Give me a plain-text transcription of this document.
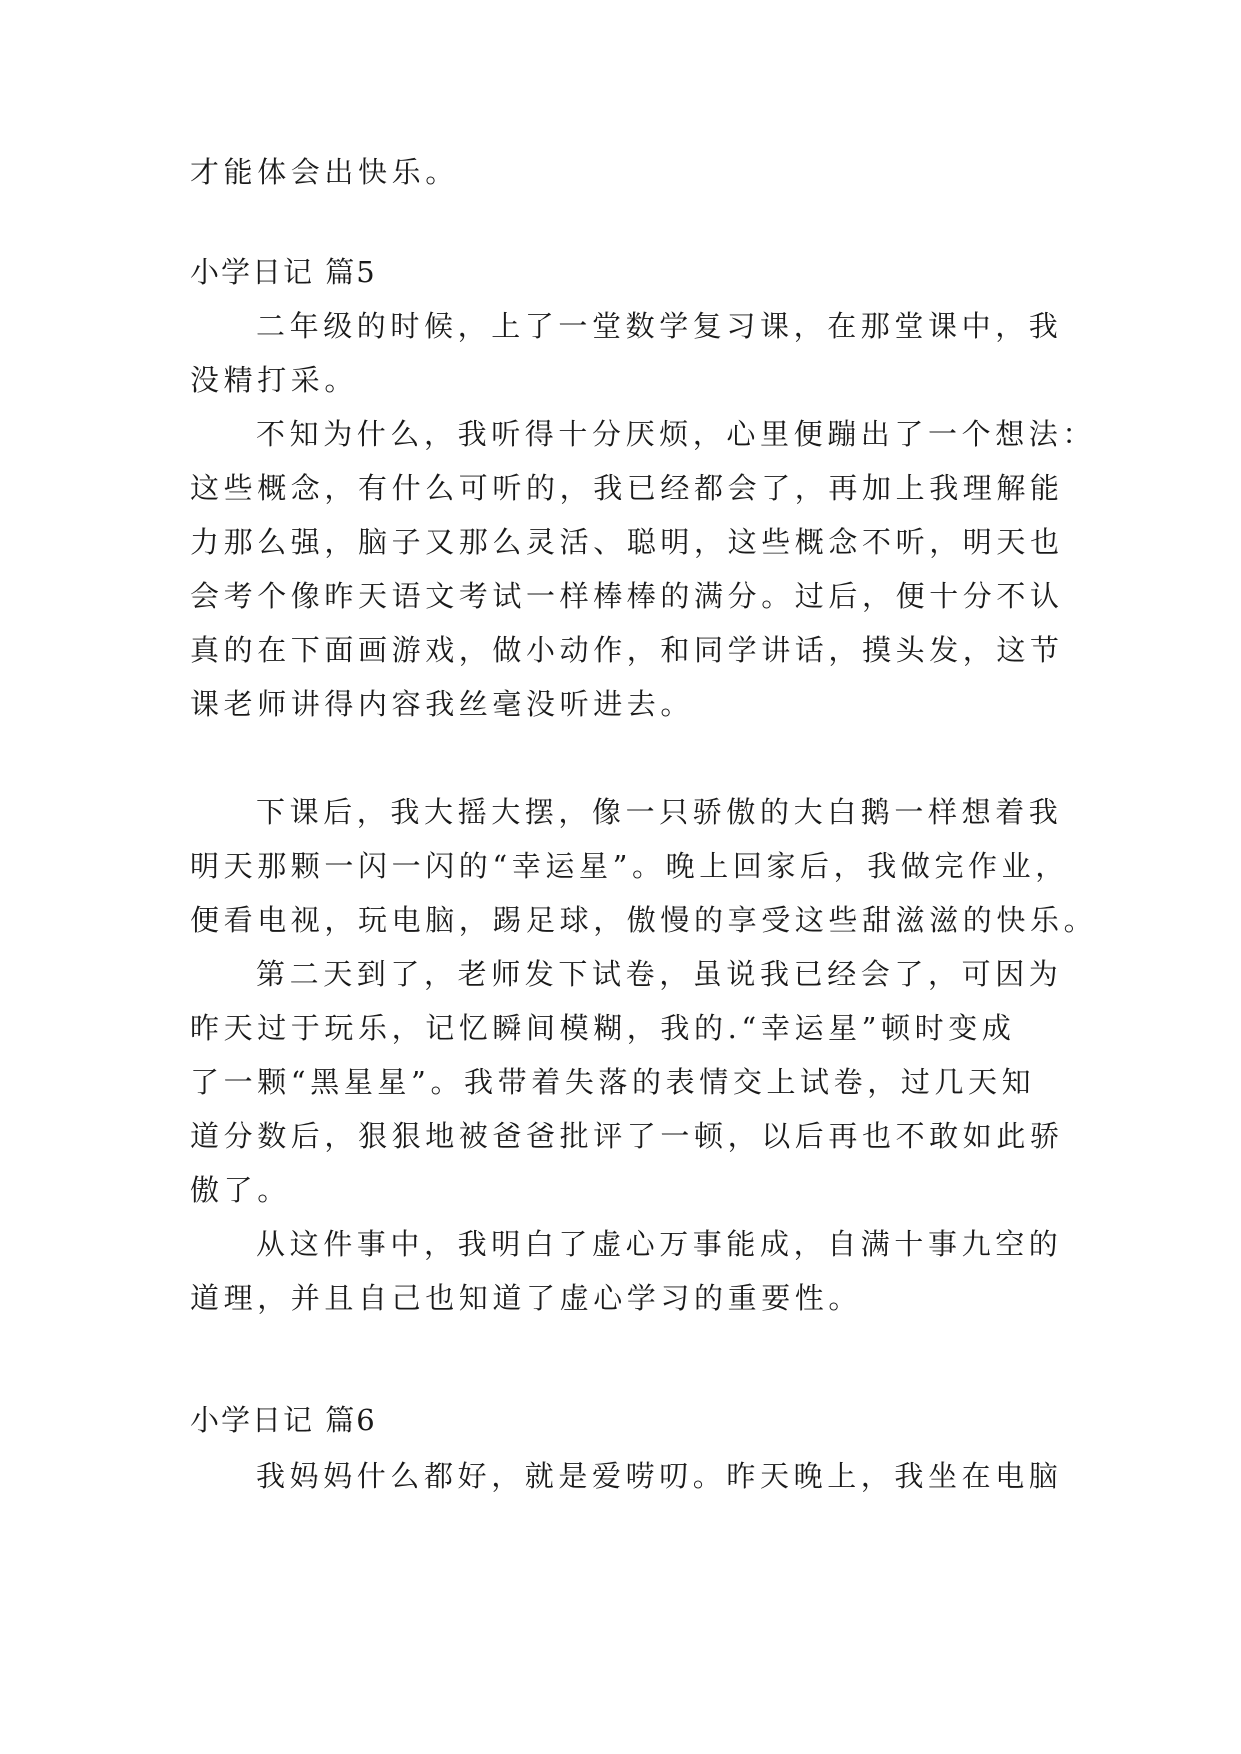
才能体会出快乐。
小学日记 篇5
二年级的时候，上了一堂数学复习课，在那堂课中，我
没精打采。
不知为什么，我听得十分厌烦，心里便蹦出了一个想法：
这些概念，有什么可听的，我已经都会了，再加上我理解能
力那么强，脑子又那么灵活、聪明，这些概念不听，明天也
会考个像昨天语文考试一样棒棒的满分。过后，便十分不认
真的在下面画游戏，做小动作，和同学讲话，摸头发，这节
课老师讲得内容我丝毫没听进去。
下课后，我大摇大摆，像一只骄傲的大白鹅一样想着我
明天那颗一闪一闪的“幸运星”。晚上回家后，我做完作业，
便看电视，玩电脑，踢足球，傲慢的享受这些甜滋滋的快乐。
第二天到了，老师发下试卷，虽说我已经会了，可因为
昨天过于玩乐，记忆瞬间模糊，我的.“幸运星”顿时变成
了一颗“黑星星”。我带着失落的表情交上试卷，过几天知
道分数后，狠狠地被爸爸批评了一顿，以后再也不敢如此骄
傲了。
从这件事中，我明白了虚心万事能成，自满十事九空的
道理，并且自己也知道了虚心学习的重要性。
小学日记 篇6
我妈妈什么都好，就是爱唠叨。昨天晚上，我坐在电脑
